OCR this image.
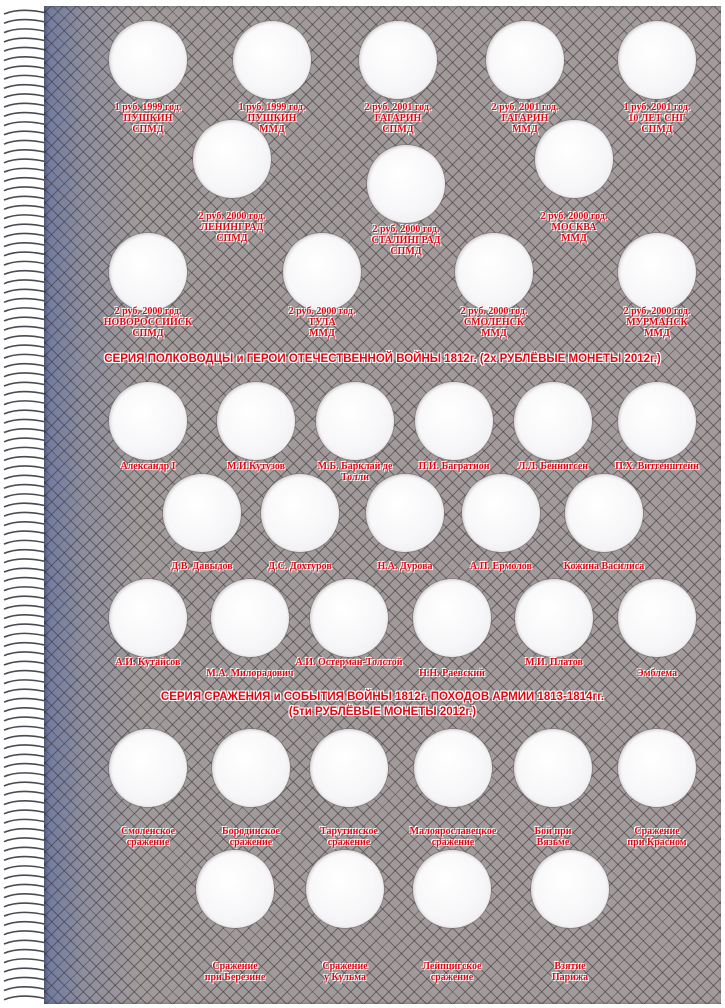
1 руб. 1999 год.
ПУШКИН
СПМД
1 руб. 1999 год.
ПУШКИН
ММД
2 руб. 2001 год.
ГАГАРИН
СПМД
2 руб. 2001 год.
ГАГАРИН
ММД
1 руб. 2001 год.
10 ЛЕТ СНГ
СПМД
2 руб. 2000 год.
ЛЕНИНГРАД
СПМД
2 руб. 2000 год.
СТАЛИНГРАД
СПМД
2 руб. 2000 год.
МОСКВА
ММД
2 руб. 2000 год.
НОВОРОССИЙСК
СПМД
2 руб. 2000 год.
ТУЛА
ММД
2 руб. 2000 год.
СМОЛЕНСК
ММД
2 руб. 2000 год.
МУРМАНСК
ММД
Александр I	М.И.Кутузов	М.Б. Барклай де
Толли
П.И. Багратион	Л.Л. Беннигсен	П.Х. Витгенштейн
Д.В. Давыдов	Д.С. Дохтуров	Н.А. Дурова	А.П. Ермолов	Кожина Василиса
А.И. Кутайсов
М.А. Милорадович
А.И. Остерман-Толстой
Н.Н. Раевский
М.И. Платов
Эмблема
Смоленское
сражение
Бородинское
сражение
Тарутинское
сражение
Малоярославецкое
сражение
Бой при
Вязьме
Сражение
при Красном
Сражение
при Березине
Сражение
у Кульма
Лейпцигское
сражение
Взятие
Парижа
СЕРИЯ ПОЛКОВОДЦЫ и ГЕРОИ ОТЕЧЕСТВЕННОЙ ВОЙНЫ 1812г. (2х РУБЛЁВЫЕ МОНЕТЫ 2012г.)
СЕРИЯ СРАЖЕНИЯ и СОБЫТИЯ ВОЙНЫ 1812г. ПОХОДОВ АРМИИ 1813-1814гг.
(5ти РУБЛЁВЫЕ МОНЕТЫ 2012г.)
